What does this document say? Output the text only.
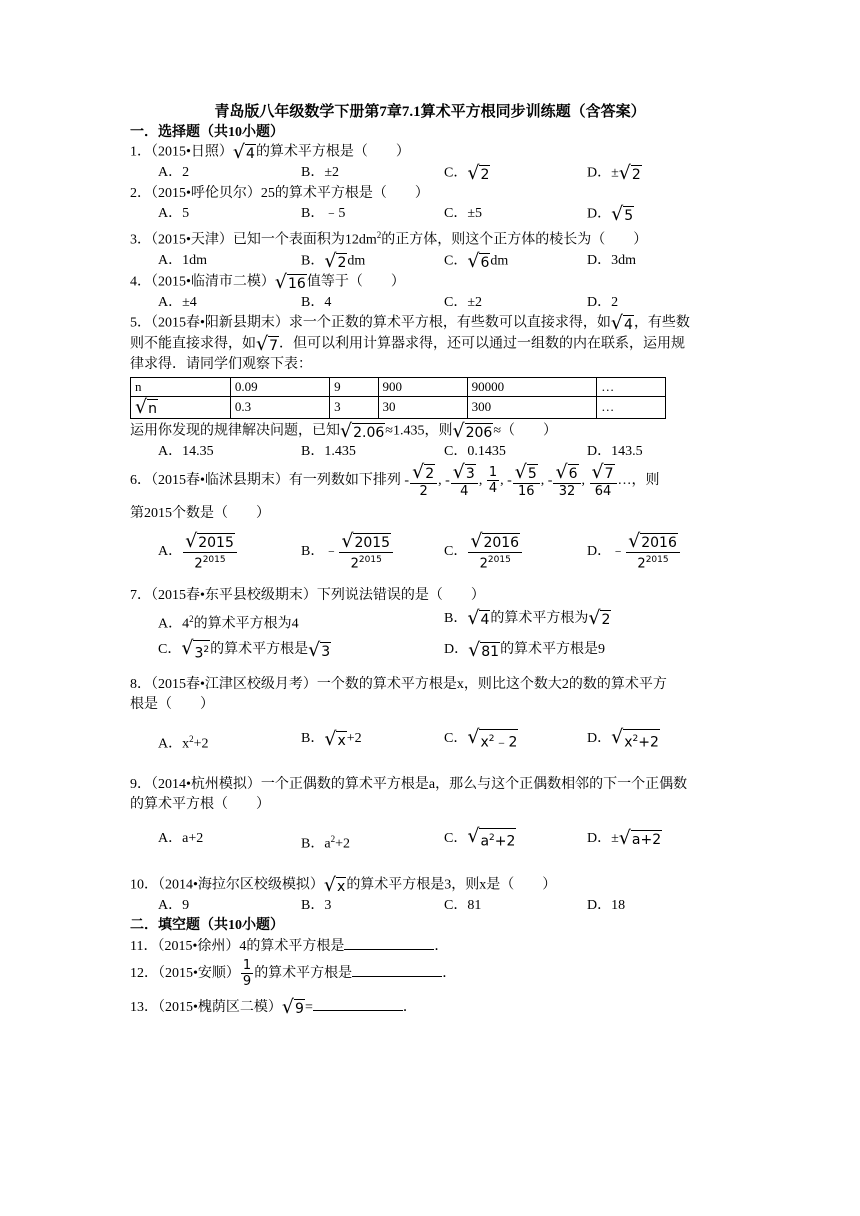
青岛版八年级数学下册第7章7.1算术平方根同步训练题（含答案）
一．选择题（共10小题）
1．（2015•日照） √ 4 的算术平方根是（　　）
A．2	B．±2	C． √ 2	D．± √ 2
2．（2015•呼伦贝尔）25的算术平方根是（　　）
A．5	B．﹣5	C．±5	D． √ 5
3．（2015•天津）已知一个表面积为$12dm^2$的正方体，则这个正方体的棱长为（　　）
A．1dm	B． √ 2 dm	C． √ 6 dm	D．3dm
4．（2015•临清市二模） √ 16 值等于（　　）
A．±4	B．4	C．±2	D．2
5．（2015春•阳新县期末）求一个正数的算术平方根，有些数可以直接求得，如 √ 4 ，有些数
则不能直接求得，如 √ 7 ．但可以利用计算器求得，还可以通过一组数的内在联系，运用规
律求得．请同学们观察下表：
n	0.09	9	900	90000	…

√ n	0.3	3	30	300	…
运用你发现的规律解决问题，已知 √ 2.06 ≈1.435，则 √ 206 ≈（　　）
A．14.35	B．1.435	C．0.1435	D．143.5
6．（2015春•临沭县期末）有一列数如下排列 - $\frac{√ 2}{2}$ , - $\frac{√ 3}{4}$ , $\frac{1}{4}$ , - $\frac{√ 5}{16}$ , - $\frac{√ 6}{32}$ , $\frac{√ 7}{64}$ …，则
第2015个数是（　　）
A． $\frac{√ 2015}{2^{2015}}$	B．﹣ $\frac{√ 2015}{2^{2015}}$	C． $\frac{√ 2016}{2^{2015}}$	D．﹣ $\frac{√ 2016}{2^{2015}}$
7．（2015春•东平县校级期末）下列说法错误的是（　　）
A．$4^2$的算术平方根为4	B． √ 4 的算术平方根为 √ 2
C． √ $3^2$ 的算术平方根是 √ 3	D． √ 81 的算术平方根是9
8．（2015春•江津区校级月考）一个数的算术平方根是x，则比这个数大2的数的算术平方
根是（　　）
A．$x^2+2$	B． √ x +2	C． √ $x^2﹣2$	D． √ $x^2+2$
9．（2014•杭州模拟）一个正偶数的算术平方根是a，那么与这个正偶数相邻的下一个正偶数
的算术平方根（　　）
A．a+2	B．$a^2+2$	C． √ $a^2+2$	D．± √ a+2
10．（2014•海拉尔区校级模拟） √ x 的算术平方根是3，则x是（　　）
A．9	B．3	C．81	D．18
二．填空题（共10小题）
11．（2015•徐州）4的算术平方根是	．
12．（2015•安顺） $\frac{1}{9}$ 的算术平方根是	．
13．（2015•槐荫区二模） √ 9 =	．
